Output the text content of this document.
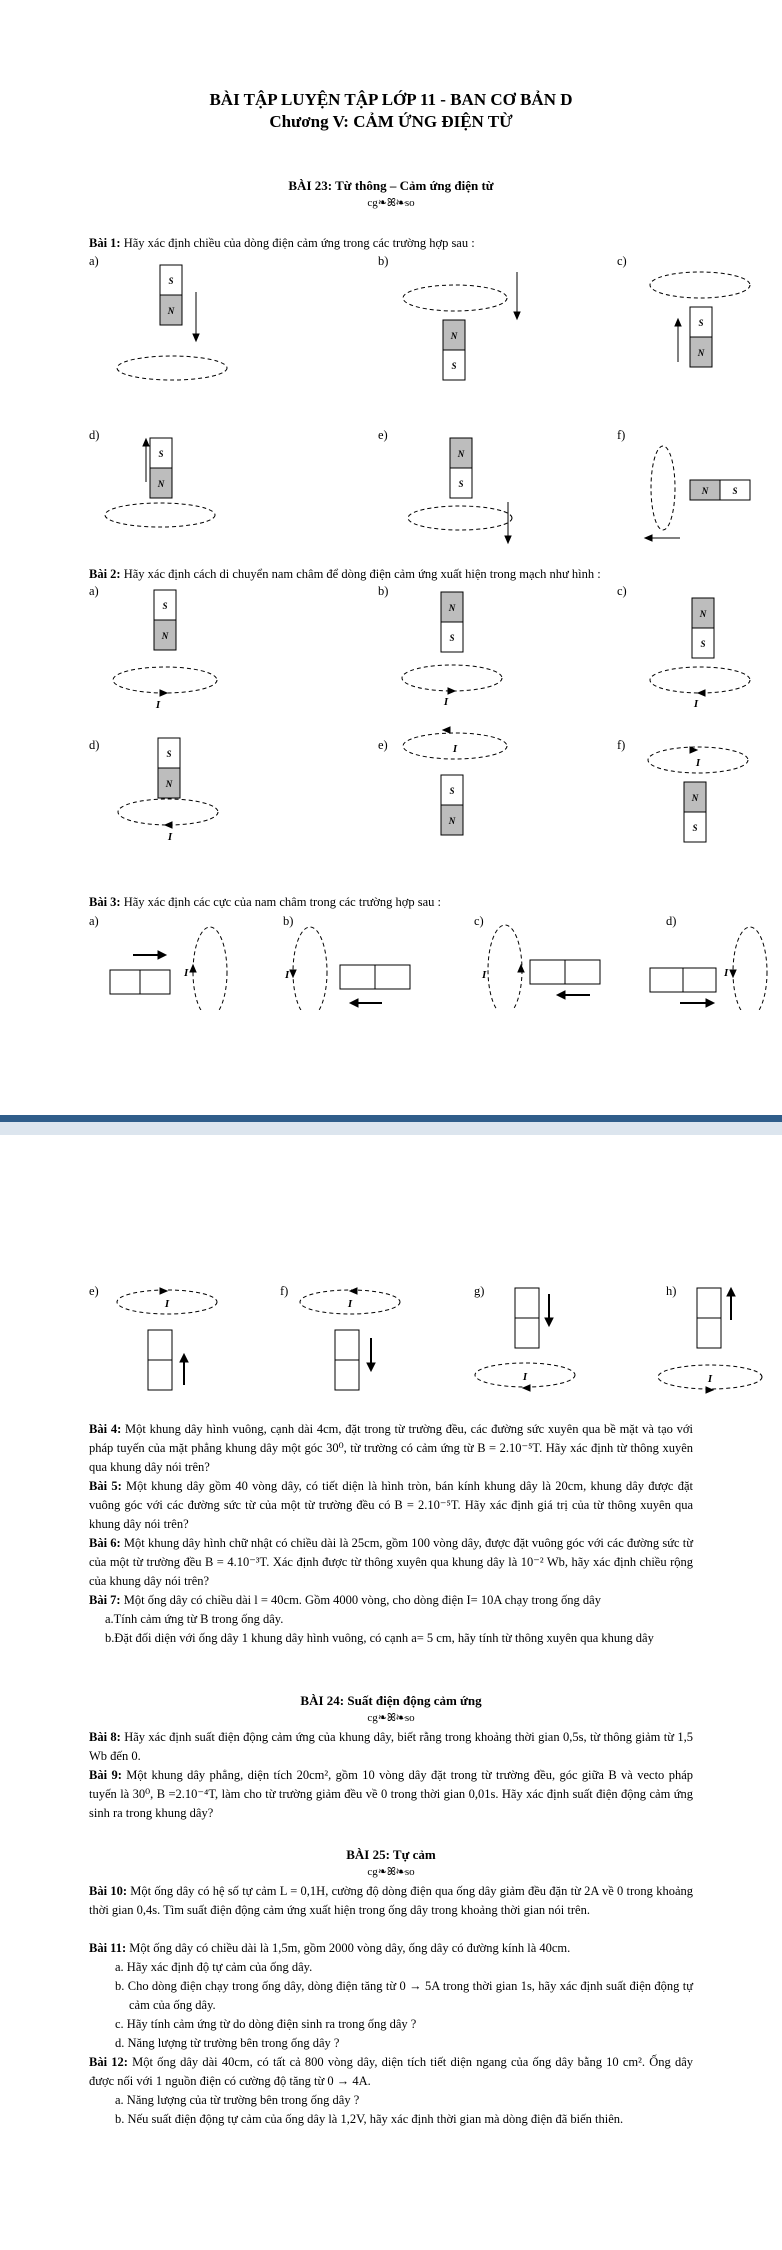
BÀI TẬP LUYỆN TẬP LỚP 11 - BAN CƠ BẢN D
Chương V: CẢM ỨNG ĐIỆN TỪ
BÀI 23: Từ thông – Cảm ứng điện từ
cg❧ꕤ❧so
Bài 1: Hãy xác định chiều của dòng điện cảm ứng trong các trường hợp sau :
S
N
N
S
S
N
S
N
N
S
N	S
a)	b)	c)
d)	e)	f)
Bài 2: Hãy xác định cách di chuyển nam châm để dòng điện cảm ứng xuất hiện trong mạch như hình :
S
N
N
S
N
S
S
N
S
N
N
S
I	I	I
I
I
I
a)	b)	c)
d)	e)	f)
Bài 3: Hãy xác định các cực của nam châm trong các trường hợp sau :
I	I	I	I
a)	b)	c)	d)
I	I
I	I
e)	f)	g)	h)
Bài 4: Một khung dây hình vuông, cạnh dài 4cm, đặt trong từ trường đều, các đường sức xuyên qua bề mặt và tạo với pháp tuyến của mặt phẳng khung dây một góc 30⁰, từ trường có cảm ứng từ B = 2.10⁻⁵T. Hãy xác định từ thông xuyên qua khung dây nói trên?
Bài 5: Một khung dây gồm 40 vòng dây, có tiết diện là hình tròn, bán kính khung dây là 20cm, khung dây được đặt vuông góc với các đường sức từ của một từ trường đều có B = 2.10⁻⁵T. Hãy xác định giá trị của từ thông xuyên qua khung dây nói trên?
Bài 6: Một khung dây hình chữ nhật có chiều dài là 25cm, gồm 100 vòng dây, được đặt vuông góc với các đường sức từ của một từ trường đều B = 4.10⁻³T. Xác định được từ thông xuyên qua khung dây là 10⁻² Wb, hãy xác định chiều rộng của khung dây nói trên?
Bài 7: Một ống dây có chiều dài l = 40cm. Gồm 4000 vòng, cho dòng điện I= 10A chạy trong ống dây
a.Tính cảm ứng từ B trong ống dây.
b.Đặt đối diện với ống dây 1 khung dây hình vuông, có cạnh a= 5 cm, hãy tính từ thông xuyên qua khung dây
BÀI 24: Suất điện động cảm ứng
cg❧ꕤ❧so
Bài 8: Hãy xác định suất điện động cảm ứng của khung dây, biết rằng trong khoảng thời gian 0,5s, từ thông giảm từ 1,5 Wb đến 0.
Bài 9: Một khung dây phẳng, diện tích 20cm², gồm 10 vòng dây đặt trong từ trường đều, góc giữa B và vecto pháp tuyến là 30⁰, B =2.10⁻⁴T, làm cho từ trường giảm đều về 0 trong thời gian 0,01s. Hãy xác định suất điện động cảm ứng sinh ra trong khung dây?
BÀI 25: Tự cảm
cg❧ꕤ❧so
Bài 10: Một ống dây có hệ số tự cảm L = 0,1H, cường độ dòng điện qua ống dây giảm đều đặn từ 2A về 0 trong khoảng thời gian 0,4s. Tìm suất điện động cảm ứng xuất hiện trong ống dây trong khoảng thời gian nói trên.
Bài 11: Một ống dây có chiều dài là 1,5m, gồm 2000 vòng dây, ống dây có đường kính là 40cm.
a. Hãy xác định độ tự cảm của ống dây.
b. Cho dòng điện chạy trong ống dây, dòng điện tăng từ 0 → 5A trong thời gian 1s, hãy xác định suất điện động tự cảm của ống dây.
c. Hãy tính cảm ứng từ do dòng điện sinh ra trong ống dây ?
d. Năng lượng từ trường bên trong ống dây ?
Bài 12: Một ống dây dài 40cm, có tất cả 800 vòng dây, diện tích tiết diện ngang của ống dây bằng 10 cm². Ống dây được nối với 1 nguồn điện có cường độ tăng từ 0 → 4A.
a. Năng lượng của từ trường bên trong ống dây ?
b. Nếu suất điện động tự cảm của ống dây là 1,2V, hãy xác định thời gian mà dòng điện đã biến thiên.
